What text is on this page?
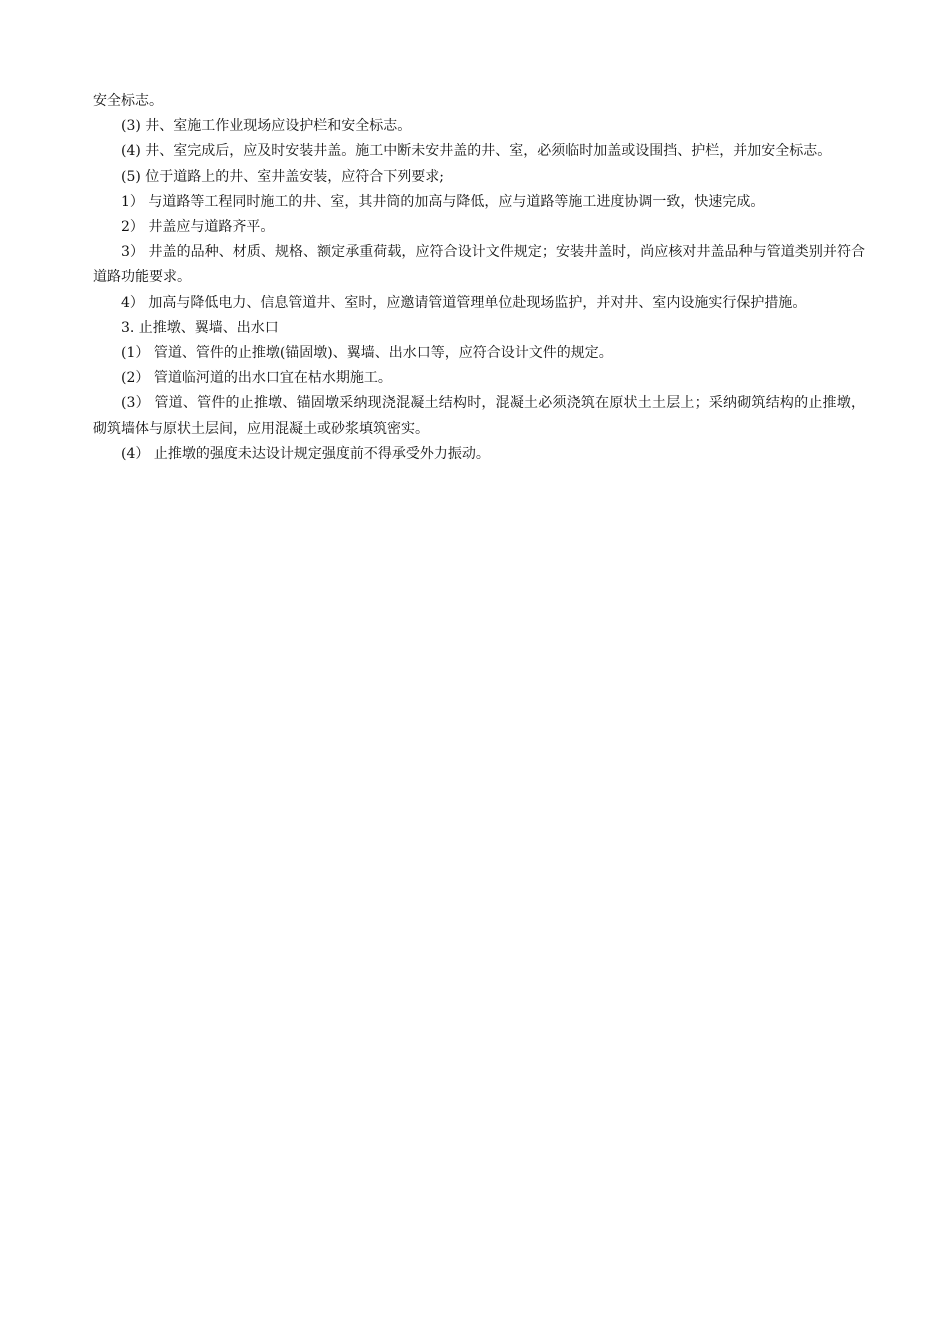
安全标志。

(3) 井、室施工作业现场应设护栏和安全标志。

(4) 井、室完成后，应及时安装井盖。施工中断未安井盖的井、室，必须临时加盖或设围挡、护栏，并加安全标志。

(5) 位于道路上的井、室井盖安装，应符合下列要求;

1） 与道路等工程同时施工的井、室，其井筒的加高与降低，应与道路等施工进度协调一致，快速完成。

2） 井盖应与道路齐平。

3） 井盖的品种、材质、规格、额定承重荷载，应符合设计文件规定；安装井盖时，尚应核对井盖品种与管道类别并符合道路功能要求。

4） 加高与降低电力、信息管道井、室时，应邀请管道管理单位赴现场监护，并对井、室内设施实行保护措施。

3. 止推墩、翼墙、出水口

(1） 管道、管件的止推墩(锚固墩)、翼墙、出水口等，应符合设计文件的规定。

(2） 管道临河道的出水口宜在枯水期施工。

(3） 管道、管件的止推墩、锚固墩采纳现浇混凝土结构时，混凝土必须浇筑在原状土土层上；采纳砌筑结构的止推墩，砌筑墙体与原状土层间，应用混凝土或砂浆填筑密实。

(4） 止推墩的强度未达设计规定强度前不得承受外力振动。
